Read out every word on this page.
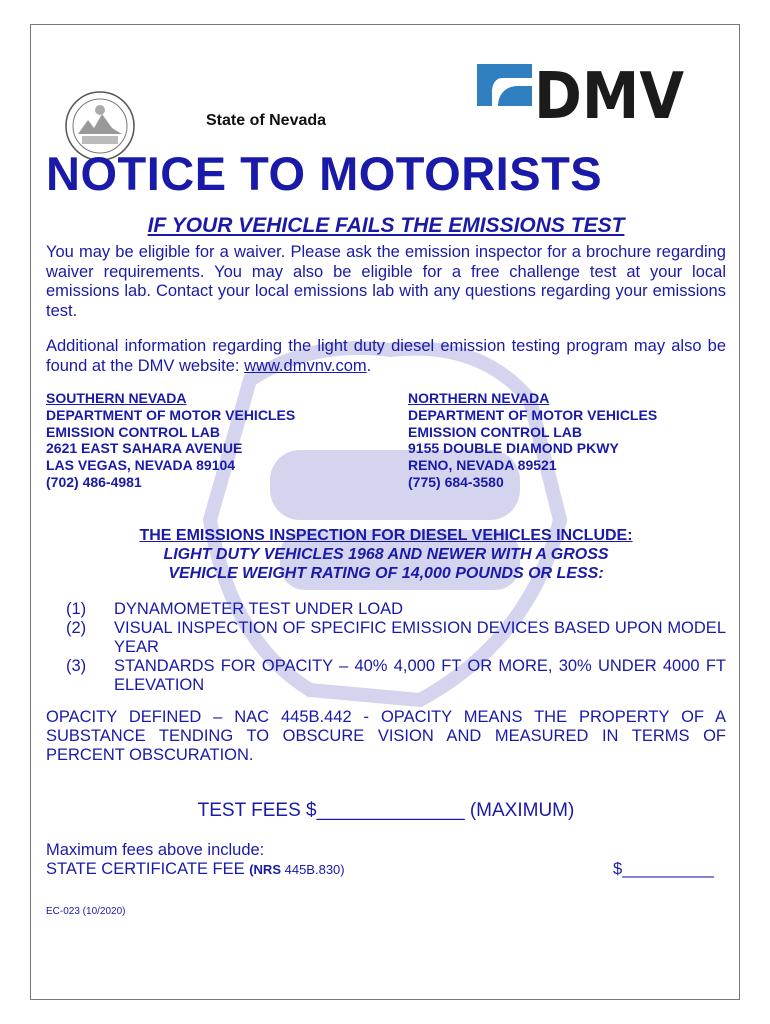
State of Nevada	DMV
NOTICE TO MOTORISTS
IF YOUR VEHICLE FAILS THE EMISSIONS TEST
You may be eligible for a waiver. Please ask the emission inspector for a brochure regarding waiver requirements. You may also be eligible for a free challenge test at your local emissions lab. Contact your local emissions lab with any questions regarding your emissions test.
Additional information regarding the light duty diesel emission testing program may also be found at the DMV website: www.dmvnv.com.
SOUTHERN NEVADA
DEPARTMENT OF MOTOR VEHICLES
EMISSION CONTROL LAB
2621 EAST SAHARA AVENUE
LAS VEGAS, NEVADA 89104
(702) 486-4981
NORTHERN NEVADA
DEPARTMENT OF MOTOR VEHICLES
EMISSION CONTROL LAB
9155 DOUBLE DIAMOND PKWY
RENO, NEVADA 89521
(775) 684-3580
THE EMISSIONS INSPECTION FOR DIESEL VEHICLES INCLUDE:
LIGHT DUTY VEHICLES 1968 AND NEWER WITH A GROSS
VEHICLE WEIGHT RATING OF 14,000 POUNDS OR LESS:
(1)	DYNAMOMETER TEST UNDER LOAD
(2)	VISUAL INSPECTION OF SPECIFIC EMISSION DEVICES BASED UPON MODEL YEAR
(3)	STANDARDS FOR OPACITY – 40% 4,000 FT OR MORE, 30% UNDER 4000 FT ELEVATION
OPACITY DEFINED – NAC 445B.442 - OPACITY MEANS THE PROPERTY OF A SUBSTANCE TENDING TO OBSCURE VISION AND MEASURED IN TERMS OF PERCENT OBSCURATION.
TEST FEES $______________ (MAXIMUM)
Maximum fees above include:
STATE CERTIFICATE FEE (NRS 445B.830)	$__________
EC-023 (10/2020)
